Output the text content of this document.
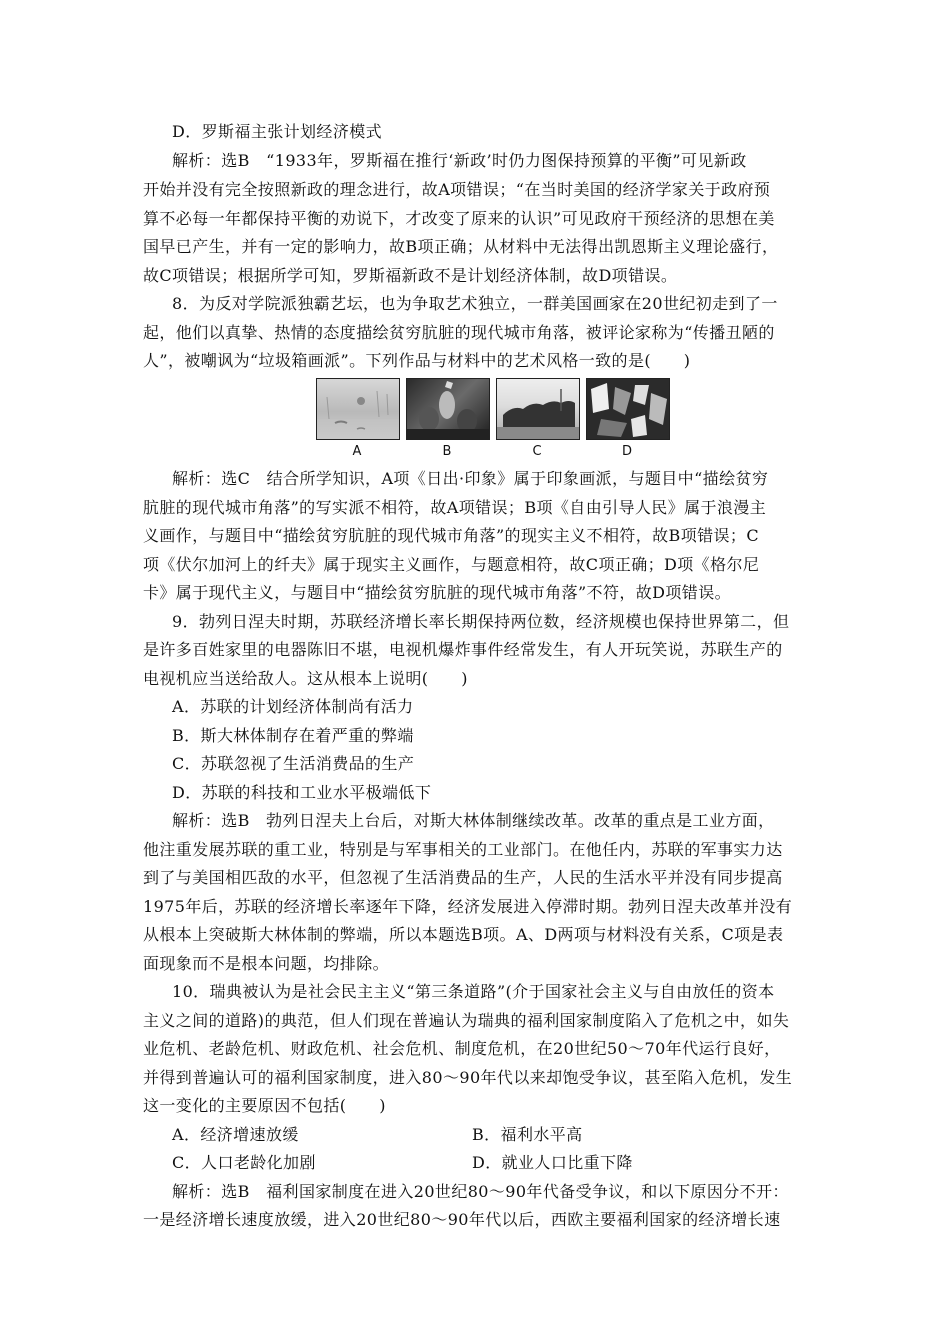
D．罗斯福主张计划经济模式
解析：选B　“1933年，罗斯福在推行‘新政’时仍力图保持预算的平衡”可见新政
开始并没有完全按照新政的理念进行，故A项错误；“在当时美国的经济学家关于政府预
算不必每一年都保持平衡的劝说下，才改变了原来的认识”可见政府干预经济的思想在美
国早已产生，并有一定的影响力，故B项正确；从材料中无法得出凯恩斯主义理论盛行，
故C项错误；根据所学可知，罗斯福新政不是计划经济体制，故D项错误。
8．为反对学院派独霸艺坛，也为争取艺术独立，一群美国画家在20世纪初走到了一
起，他们以真挚、热情的态度描绘贫穷肮脏的现代城市角落，被评论家称为“传播丑陋的
人”，被嘲讽为“垃圾箱画派”。下列作品与材料中的艺术风格一致的是(　　)
A	B	C	D
解析：选C　结合所学知识，A项《日出·印象》属于印象画派，与题目中“描绘贫穷
肮脏的现代城市角落”的写实派不相符，故A项错误；B项《自由引导人民》属于浪漫主
义画作，与题目中“描绘贫穷肮脏的现代城市角落”的现实主义不相符，故B项错误；C
项《伏尔加河上的纤夫》属于现实主义画作，与题意相符，故C项正确；D项《格尔尼
卡》属于现代主义，与题目中“描绘贫穷肮脏的现代城市角落”不符，故D项错误。
9．勃列日涅夫时期，苏联经济增长率长期保持两位数，经济规模也保持世界第二，但
是许多百姓家里的电器陈旧不堪，电视机爆炸事件经常发生，有人开玩笑说，苏联生产的
电视机应当送给敌人。这从根本上说明(　　)
A．苏联的计划经济体制尚有活力
B．斯大林体制存在着严重的弊端
C．苏联忽视了生活消费品的生产
D．苏联的科技和工业水平极端低下
解析：选B　勃列日涅夫上台后，对斯大林体制继续改革。改革的重点是工业方面，
他注重发展苏联的重工业，特别是与军事相关的工业部门。在他任内，苏联的军事实力达
到了与美国相匹敌的水平，但忽视了生活消费品的生产，人民的生活水平并没有同步提高
1975年后，苏联的经济增长率逐年下降，经济发展进入停滞时期。勃列日涅夫改革并没有
从根本上突破斯大林体制的弊端，所以本题选B项。A、D两项与材料没有关系，C项是表
面现象而不是根本问题，均排除。
10．瑞典被认为是社会民主主义“第三条道路”(介于国家社会主义与自由放任的资本
主义之间的道路)的典范，但人们现在普遍认为瑞典的福利国家制度陷入了危机之中，如失
业危机、老龄危机、财政危机、社会危机、制度危机，在20世纪50～70年代运行良好，
并得到普遍认可的福利国家制度，进入80～90年代以来却饱受争议，甚至陷入危机，发生
这一变化的主要原因不包括(　　)
A．经济增速放缓	B．福利水平高
C．人口老龄化加剧	D．就业人口比重下降
解析：选B　福利国家制度在进入20世纪80～90年代备受争议，和以下原因分不开：
一是经济增长速度放缓，进入20世纪80～90年代以后，西欧主要福利国家的经济增长速
